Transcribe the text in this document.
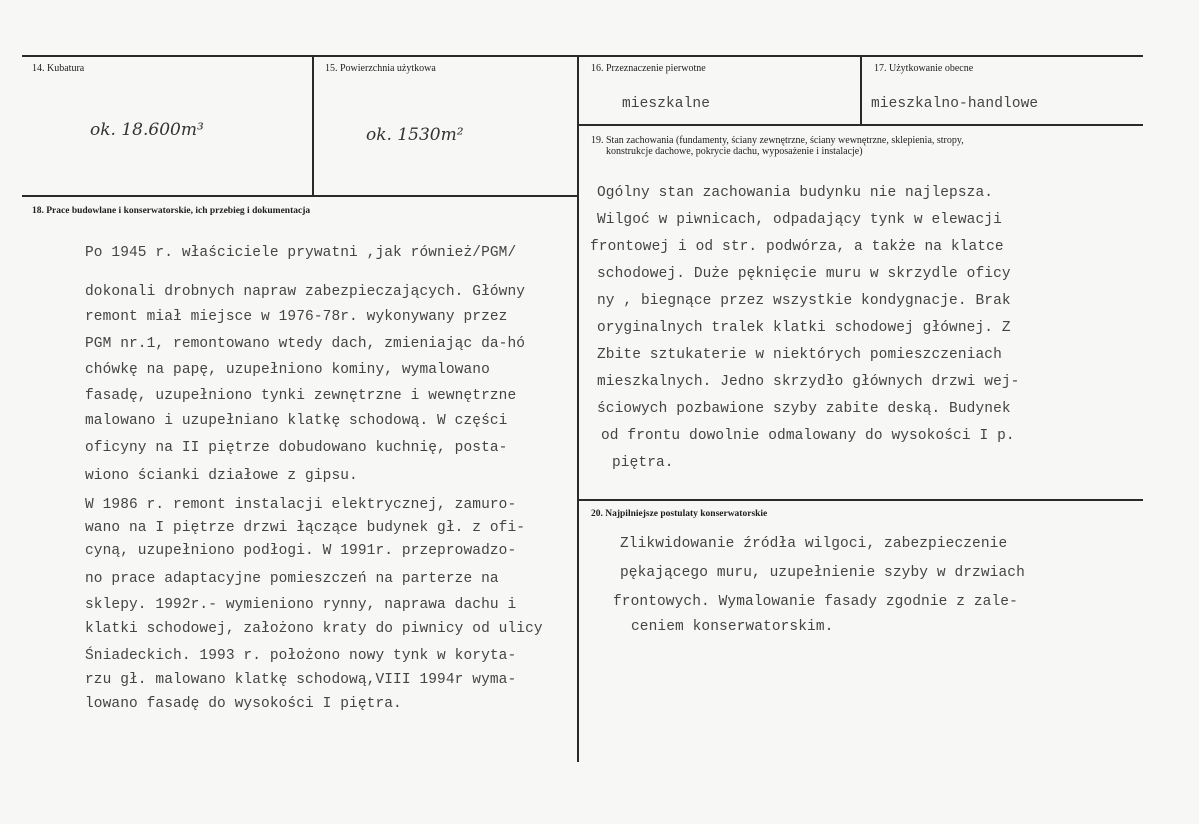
14. Kubatura
ok. 18.600m³
15. Powierzchnia użytkowa
ok. 1530m²
16. Przeznaczenie pierwotne
mieszkalne
17. Użytkowanie obecne
mieszkalno-handlowe
18. Prace budowlane i konserwatorskie, ich przebieg i dokumentacja
Po 1945 r. właściciele prywatni ,jak również/PGM/
dokonali drobnych napraw zabezpieczających. Główny
remont miał miejsce w 1976-78r. wykonywany przez
PGM nr.1, remontowano wtedy dach, zmieniając da-hó
chówkę na papę, uzupełniono kominy, wymalowano
fasadę, uzupełniono tynki zewnętrzne i wewnętrzne
malowano i uzupełniano klatkę schodową. W części
oficyny na II piętrze dobudowano kuchnię, posta-
wiono ścianki działowe z gipsu.
W 1986 r. remont instalacji elektrycznej, zamuro-
wano na I piętrze drzwi łączące budynek gł. z ofi-
cyną, uzupełniono podłogi. W 1991r. przeprowadzo-
no prace adaptacyjne pomieszczeń na parterze na
sklepy. 1992r.- wymieniono rynny, naprawa dachu i
klatki schodowej, założono kraty do piwnicy od ulicy
Śniadeckich. 1993 r. położono nowy tynk w koryta-
rzu gł. malowano klatkę schodową,VIII 1994r wyma-
lowano fasadę do wysokości I piętra.
19. Stan zachowania (fundamenty, ściany zewnętrzne, ściany wewnętrzne, sklepienia, stropy,
konstrukcje dachowe, pokrycie dachu, wyposażenie i instalacje)
Ogólny stan zachowania budynku nie najlepsza.
Wilgoć w piwnicach, odpadający tynk w elewacji
frontowej i od str. podwórza, a także na klatce
schodowej. Duże pęknięcie muru w skrzydle oficy
ny , biegnące przez wszystkie kondygnacje. Brak
oryginalnych tralek klatki schodowej głównej. Z
Zbite sztukaterie w niektórych pomieszczeniach
mieszkalnych. Jedno skrzydło głównych drzwi wej-
ściowych pozbawione szyby zabite deską. Budynek
od frontu dowolnie odmalowany do wysokości I p.
piętra.
20. Najpilniejsze postulaty konserwatorskie
Zlikwidowanie źródła wilgoci, zabezpieczenie
pękającego muru, uzupełnienie szyby w drzwiach
frontowych. Wymalowanie fasady zgodnie z zale-
ceniem konserwatorskim.
